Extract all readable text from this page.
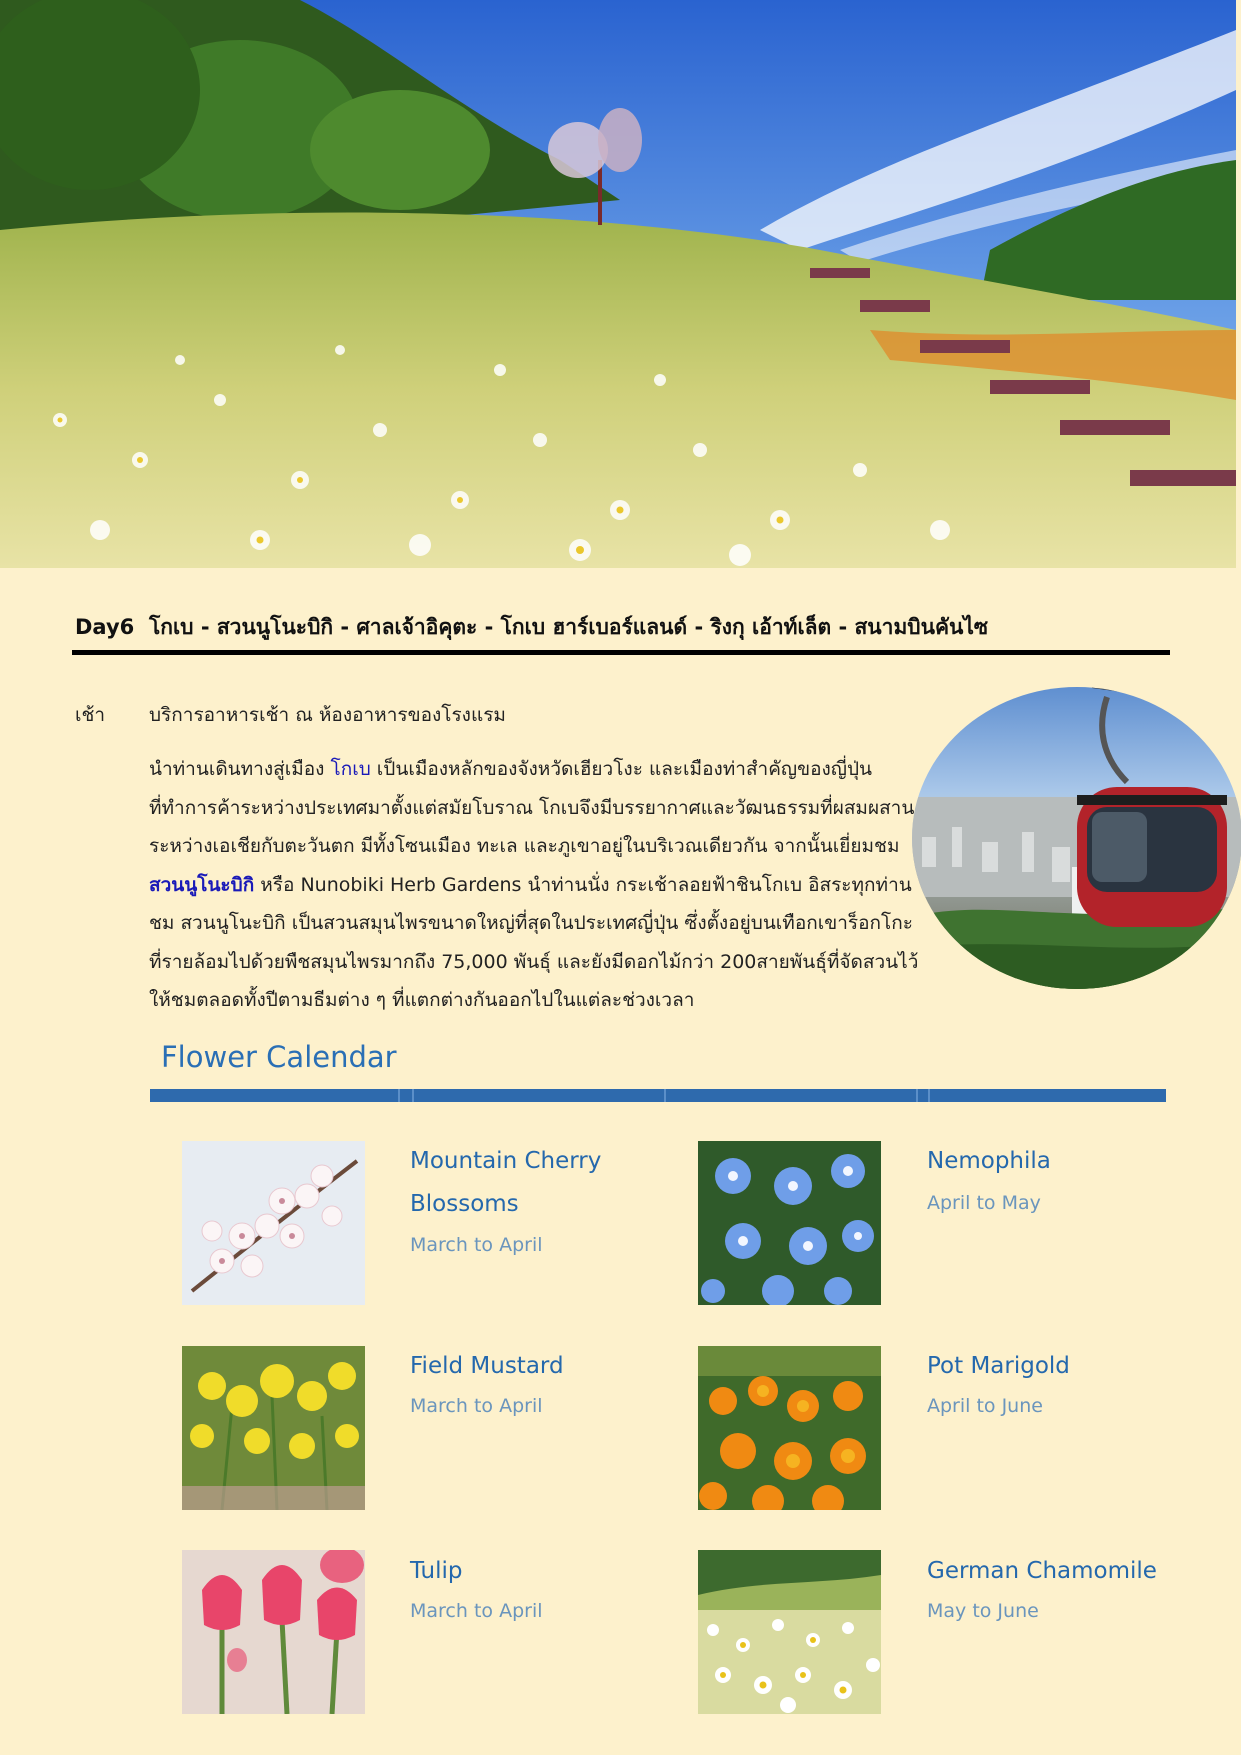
Day6 โกเบ - สวนนูโนะบิกิ - ศาลเจ้าอิคุตะ - โกเบ ฮาร์เบอร์แลนด์ - ริงกุ เอ้าท์เล็ต - สนามบินคันไซ
เช้า บริการอาหารเช้า ณ ห้องอาหารของโรงแรม
นำท่านเดินทางสู่เมือง โกเบ เป็นเมืองหลักของจังหวัดเฮียวโงะ และเมืองท่าสำคัญของญี่ปุ่น ที่ทำการค้าระหว่างประเทศมาตั้งแต่สมัยโบราณ โกเบจึงมีบรรยากาศและวัฒนธรรมที่ผสมผสานระหว่างเอเชียกับตะวันตก มีทั้งโซนเมือง ทะเล และภูเขาอยู่ในบริเวณเดียวกัน จากนั้นเยี่ยมชม สวนนูโนะบิกิ หรือ Nunobiki Herb Gardens นำท่านนั่ง กระเช้าลอยฟ้าชินโกเบ อิสระทุกท่านชม สวนนูโนะบิกิ เป็นสวนสมุนไพรขนาดใหญ่ที่สุดในประเทศญี่ปุ่น ซึ่งตั้งอยู่บนเทือกเขาร็อกโกะ ที่รายล้อมไปด้วยพืชสมุนไพรมากถึง 75,000 พันธุ์ และยังมีดอกไม้กว่า 200สายพันธุ์ที่จัดสวนไว้ให้ชมตลอดทั้งปีตามธีมต่าง ๆ ที่แตกต่างกันออกไปในแต่ละช่วงเวลา
Flower Calendar
Mountain Cherry Blossoms
March to April
Nemophila
April to May
Field Mustard
March to April
Pot Marigold
April to June
Tulip
March to April
German Chamomile
May to June
